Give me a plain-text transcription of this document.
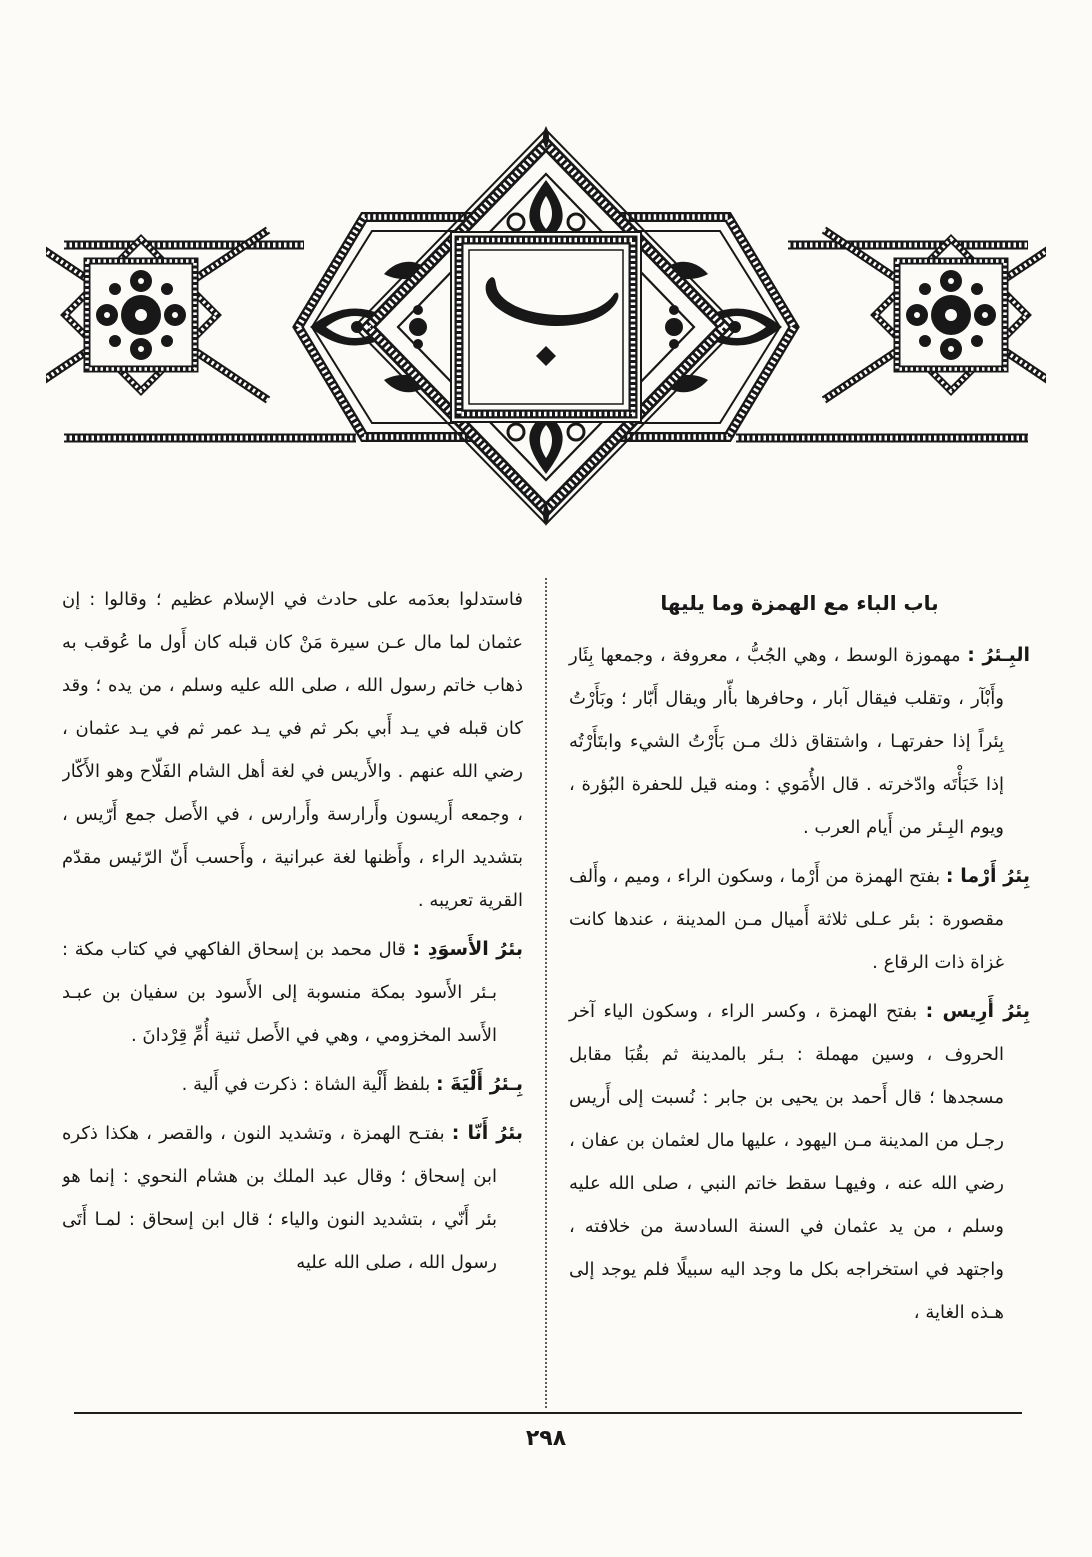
باب الباء مع الهمزة وما يليها

البِـئرُ : مهموزة الوسط ، وهي الجُبُّ ، معروفة ، وجمعها بِئَار وأَبْآر ، وتقلب فيقال آبار ، وحافرها بأّار ويقال أَبّار ؛ وبَأَرْتُ بِئراً إذا حفرتهـا ، واشتقاق ذلك مـن بَأَرْتُ الشيء وابتَأَرْتُه إذا خَبَأْتَه وادّخرته . قال الأُمَوي : ومنه قيل للحفرة البُؤرة ، ويوم البِـئر من أَيام العرب .

بِئرُ أَرْما : بفتح الهمزة من أَرْما ، وسكون الراء ، وميم ، وأَلف مقصورة : بئر عـلى ثلاثة أَميال مـن المدينة ، عندها كانت غزاة ذات الرقاع .

بِئرُ أَرِيس : بفتح الهمزة ، وكسر الراء ، وسكون الياء آخر الحروف ، وسين مهملة : بـئر بالمدينة ثم بقُبَا مقابل مسجدها ؛ قال أَحمد بن يحيى بن جابر : نُسبت إلى أَريس رجـل من المدينة مـن اليهود ، عليها مال لعثمان بن عفان ، رضي الله عنه ، وفيهـا سقط خاتم النبي ، صلى الله عليه وسلم ، من يد عثمان في السنة السادسة من خلافته ، واجتهد في استخراجه بكل ما وجد اليه سبيلًا فلم يوجد إلى هـذه الغاية ،

فاستدلوا بعدَمه على حادث في الإسلام عظيم ؛ وقالوا : إن عثمان لما مال عـن سيرة مَنْ كان قبله كان أَول ما عُوقب به ذهاب خاتم رسول الله ، صلى الله عليه وسلم ، من يده ؛ وقد كان قبله في يـد أَبي بكر ثم في يـد عمر ثم في يـد عثمان ، رضي الله عنهم . والأَريس في لغة أهل الشام الفَلّاح وهو الأَكّار ، وجمعه أَريسون وأَرارسة وأَرارس ، في الأَصل جمع أَرّيس ، بتشديد الراء ، وأَظنها لغة عبرانية ، وأَحسب أَنّ الرّئيس مقدّم القرية تعريبه .

بئرُ الأَسوَدِ : قال محمد بن إسحاق الفاكهي في كتاب مكة : بـئر الأَسود بمكة منسوبة إلى الأَسود بن سفيان بن عبـد الأَسد المخزومي ، وهي في الأَصل ثنية أُمِّ قِرْدانَ .

بِـئرُ أَلْيَةَ : بلفظ أَلْية الشاة : ذكرت في أَلية .

بئرُ أَنّا : بفتـح الهمزة ، وتشديد النون ، والقصر ، هكذا ذكره ابن إسحاق ؛ وقال عبد الملك بن هشام النحوي : إنما هو بئر أَنّي ، بتشديد النون والياء ؛ قال ابن إسحاق : لمـا أَتَى رسول الله ، صلى الله عليه

٢٩٨
